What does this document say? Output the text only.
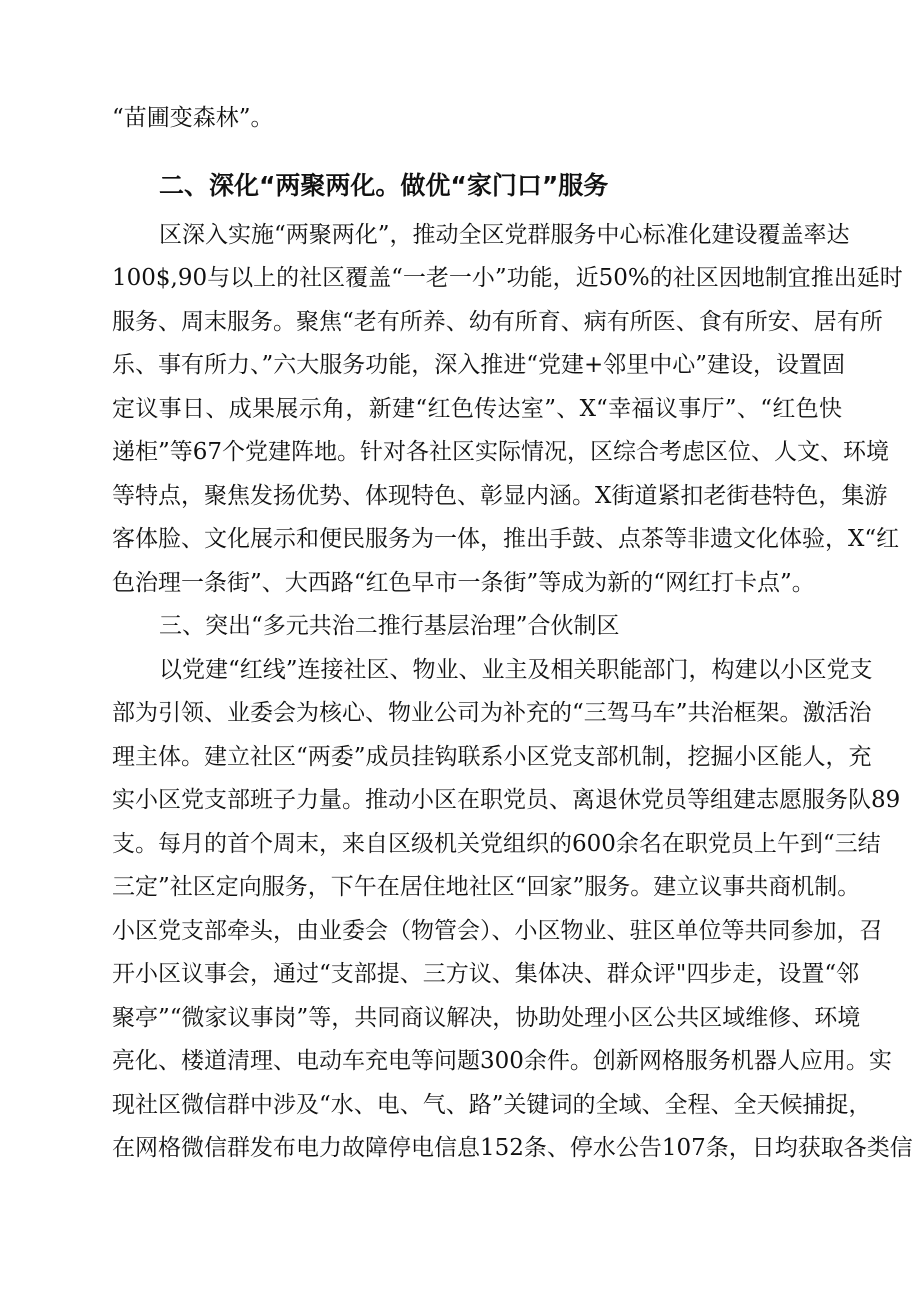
“苗圃变森林”。
二、深化“两聚两化。做优“家门口”服务
区深入实施“两聚两化”，推动全区党群服务中心标准化建设覆盖率达
100$,90与以上的社区覆盖“一老一小”功能，近50%的社区因地制宜推出延时
服务、周末服务。聚焦“老有所养、幼有所育、病有所医、食有所安、居有所
乐、事有所力、”六大服务功能，深入推进“党建+邻里中心”建设，设置固
定议事日、成果展示角，新建“红色传达室”、X“幸福议事厅”、“红色快
递柜”等67个党建阵地。针对各社区实际情况，区综合考虑区位、人文、环境
等特点，聚焦发扬优势、体现特色、彰显内涵。X街道紧扣老街巷特色，集游
客体脸、文化展示和便民服务为一体，推出手鼓、点茶等非遗文化体验，X“红
色治理一条街”、大西路“红色早市一条街”等成为新的“网红打卡点”。
三、突出“多元共治二推行基层治理”合伙制区
以党建“红线”连接社区、物业、业主及相关职能部门，构建以小区党支
部为引领、业委会为核心、物业公司为补充的“三驾马车”共治框架。激活治
理主体。建立社区“两委”成员挂钩联系小区党支部机制，挖掘小区能人，充
实小区党支部班子力量。推动小区在职党员、离退休党员等组建志愿服务队89
支。每月的首个周末，来自区级机关党组织的600余名在职党员上午到“三结
三定”社区定向服务，下午在居住地社区“回家”服务。建立议事共商机制。
小区党支部牵头，由业委会（物管会）、小区物业、驻区单位等共同参加，召
开小区议事会，通过“支部提、三方议、集体决、群众评"四步走，设置“邻
聚亭”“微家议事岗”等，共同商议解决，协助处理小区公共区域维修、环境
亮化、楼道清理、电动车充电等问题300余件。创新网格服务机器人应用。实
现社区微信群中涉及“水、电、气、路”关键词的全域、全程、全天候捕捉，
在网格微信群发布电力故障停电信息152条、停水公告107条，日均获取各类信
